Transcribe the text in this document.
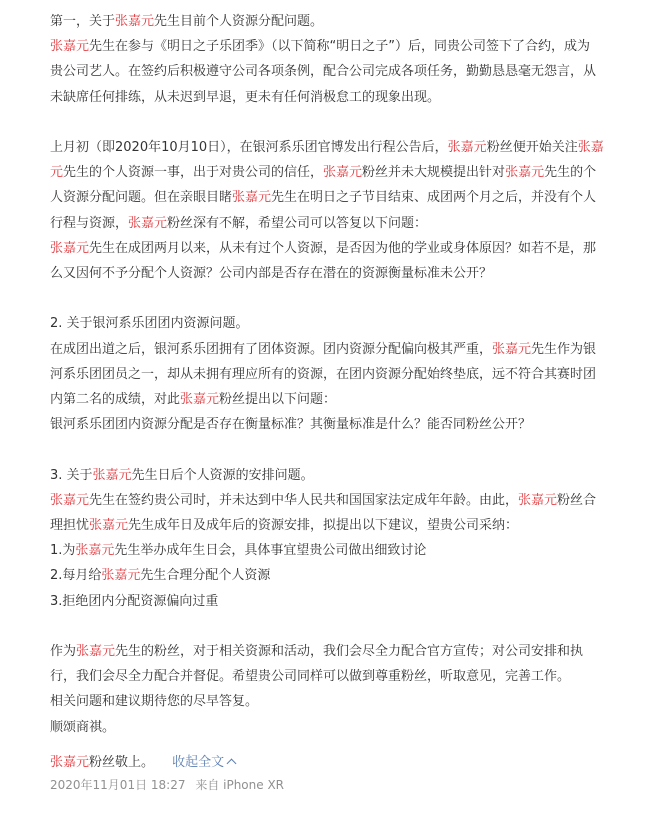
第一，关于张嘉元先生目前个人资源分配问题。
张嘉元先生在参与《明日之子乐团季》（以下简称“明日之子”）后，同贵公司签下了合约，成为
贵公司艺人。在签约后积极遵守公司各项条例，配合公司完成各项任务，勤勤恳恳毫无怨言，从
未缺席任何排练，从未迟到早退，更未有任何消极怠工的现象出现。
上月初（即2020年10月10日），在银河系乐团官博发出行程公告后，张嘉元粉丝便开始关注张嘉
元先生的个人资源一事，出于对贵公司的信任，张嘉元粉丝并未大规模提出针对张嘉元先生的个
人资源分配问题。但在亲眼目睹张嘉元先生在明日之子节目结束、成团两个月之后，并没有个人
行程与资源，张嘉元粉丝深有不解，希望公司可以答复以下问题：
张嘉元先生在成团两月以来，从未有过个人资源，是否因为他的学业或身体原因？如若不是，那
么又因何不予分配个人资源？公司内部是否存在潜在的资源衡量标准未公开？
2. 关于银河系乐团团内资源问题。
在成团出道之后，银河系乐团拥有了团体资源。团内资源分配偏向极其严重，张嘉元先生作为银
河系乐团团员之一，却从未拥有理应所有的资源，在团内资源分配始终垫底，远不符合其赛时团
内第二名的成绩，对此张嘉元粉丝提出以下问题：
银河系乐团团内资源分配是否存在衡量标准？其衡量标准是什么？能否同粉丝公开？
3. 关于张嘉元先生日后个人资源的安排问题。
张嘉元先生在签约贵公司时，并未达到中华人民共和国国家法定成年年龄。由此，张嘉元粉丝合
理担忧张嘉元先生成年日及成年后的资源安排，拟提出以下建议，望贵公司采纳：
1.为张嘉元先生举办成年生日会，具体事宜望贵公司做出细致讨论
2.每月给张嘉元先生合理分配个人资源
3.拒绝团内分配资源偏向过重
作为张嘉元先生的粉丝，对于相关资源和活动，我们会尽全力配合官方宣传；对公司安排和执
行，我们会尽全力配合并督促。希望贵公司同样可以做到尊重粉丝，听取意见，完善工作。
相关问题和建议期待您的尽早答复。
顺颂商祺。
张嘉元粉丝敬上。 收起全文
2020年11月01日 18:27 来自 iPhone XR
